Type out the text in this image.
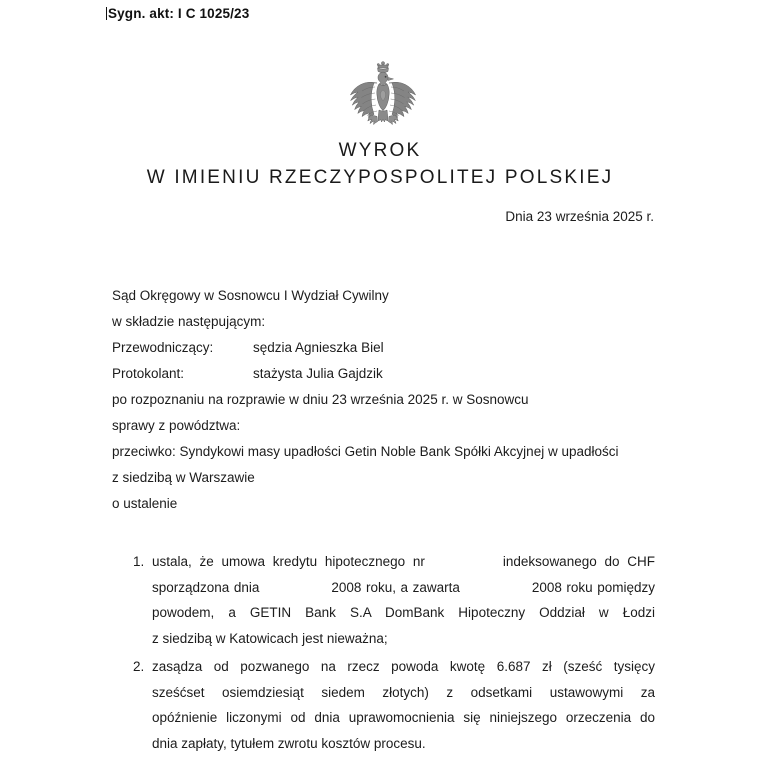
Sygn. akt: I C 1025/23
WYROK
W IMIENIU RZECZYPOSPOLITEJ POLSKIEJ
Dnia 23 września 2025 r.
Sąd Okręgowy w Sosnowcu I Wydział Cywilny
w składzie następującym:
Przewodniczący:	sędzia Agnieszka Biel
Protokolant:	stażysta Julia Gajdzik
po rozpoznaniu na rozprawie w dniu 23 września 2025 r. w Sosnowcu
sprawy z powództwa:
przeciwko: Syndykowi masy upadłości Getin Noble Bank Spółki Akcyjnej w upadłości
z siedzibą w Warszawie
o ustalenie
1. ustala, że umowa kredytu hipotecznego nr	indeksowanego do CHF
sporządzona dnia	2008 roku, a zawarta	2008 roku pomiędzy
powodem, a GETIN Bank S.A DomBank Hipoteczny Oddział w Łodzi
z siedzibą w Katowicach jest nieważna;
2. zasądza od pozwanego na rzecz powoda kwotę 6.687 zł (sześć tysięcy
sześćset osiemdziesiąt siedem złotych) z odsetkami ustawowymi za
opóźnienie liczonymi od dnia uprawomocnienia się niniejszego orzeczenia do
dnia zapłaty, tytułem zwrotu kosztów procesu.
